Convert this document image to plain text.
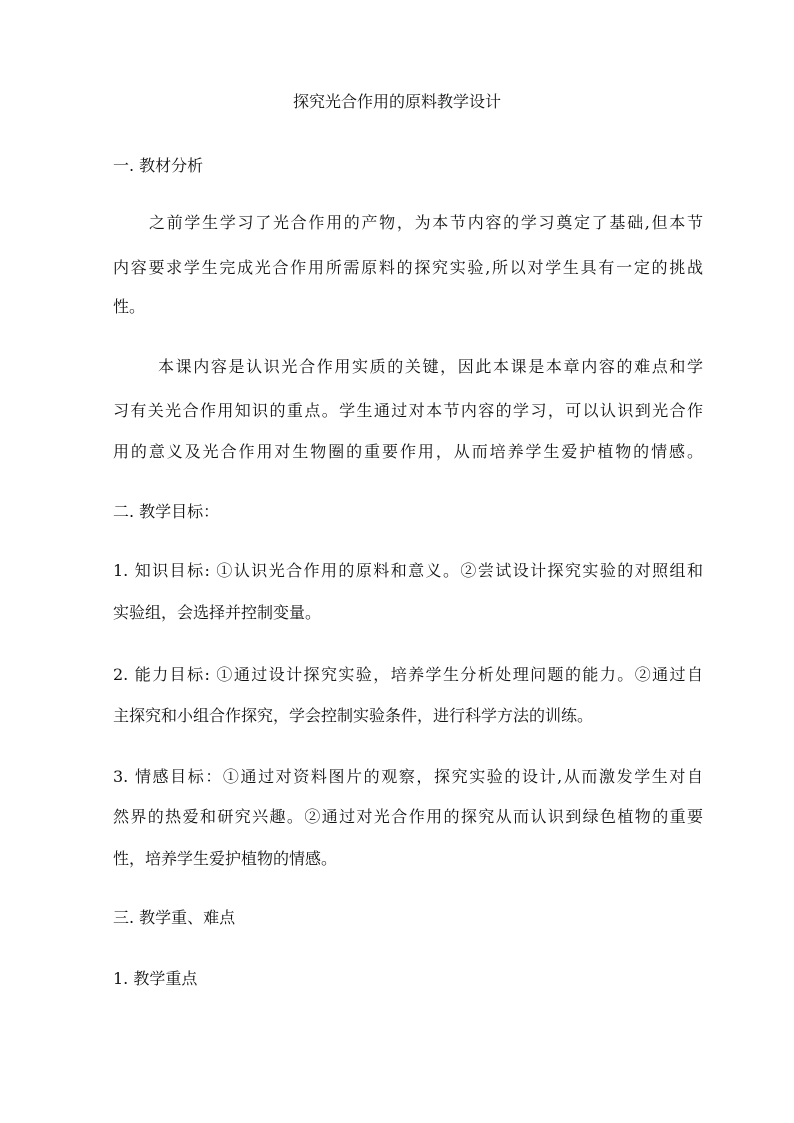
探究光合作用的原料教学设计
一. 教材分析
之前学生学习了光合作用的产物，为本节内容的学习奠定了基础,但本节
内容要求学生完成光合作用所需原料的探究实验,所以对学生具有一定的挑战
性。
本课内容是认识光合作用实质的关键，因此本课是本章内容的难点和学
习有关光合作用知识的重点。学生通过对本节内容的学习，可以认识到光合作
用的意义及光合作用对生物圈的重要作用，从而培养学生爱护植物的情感。
二. 教学目标：
1. 知识目标: ①认识光合作用的原料和意义。②尝试设计探究实验的对照组和
实验组，会选择并控制变量。
2. 能力目标: ①通过设计探究实验，培养学生分析处理问题的能力。②通过自
主探究和小组合作探究，学会控制实验条件，进行科学方法的训练。
3. 情感目标：①通过对资料图片的观察，探究实验的设计,从而激发学生对自
然界的热爱和研究兴趣。②通过对光合作用的探究从而认识到绿色植物的重要
性，培养学生爱护植物的情感。
三. 教学重、难点
1. 教学重点
